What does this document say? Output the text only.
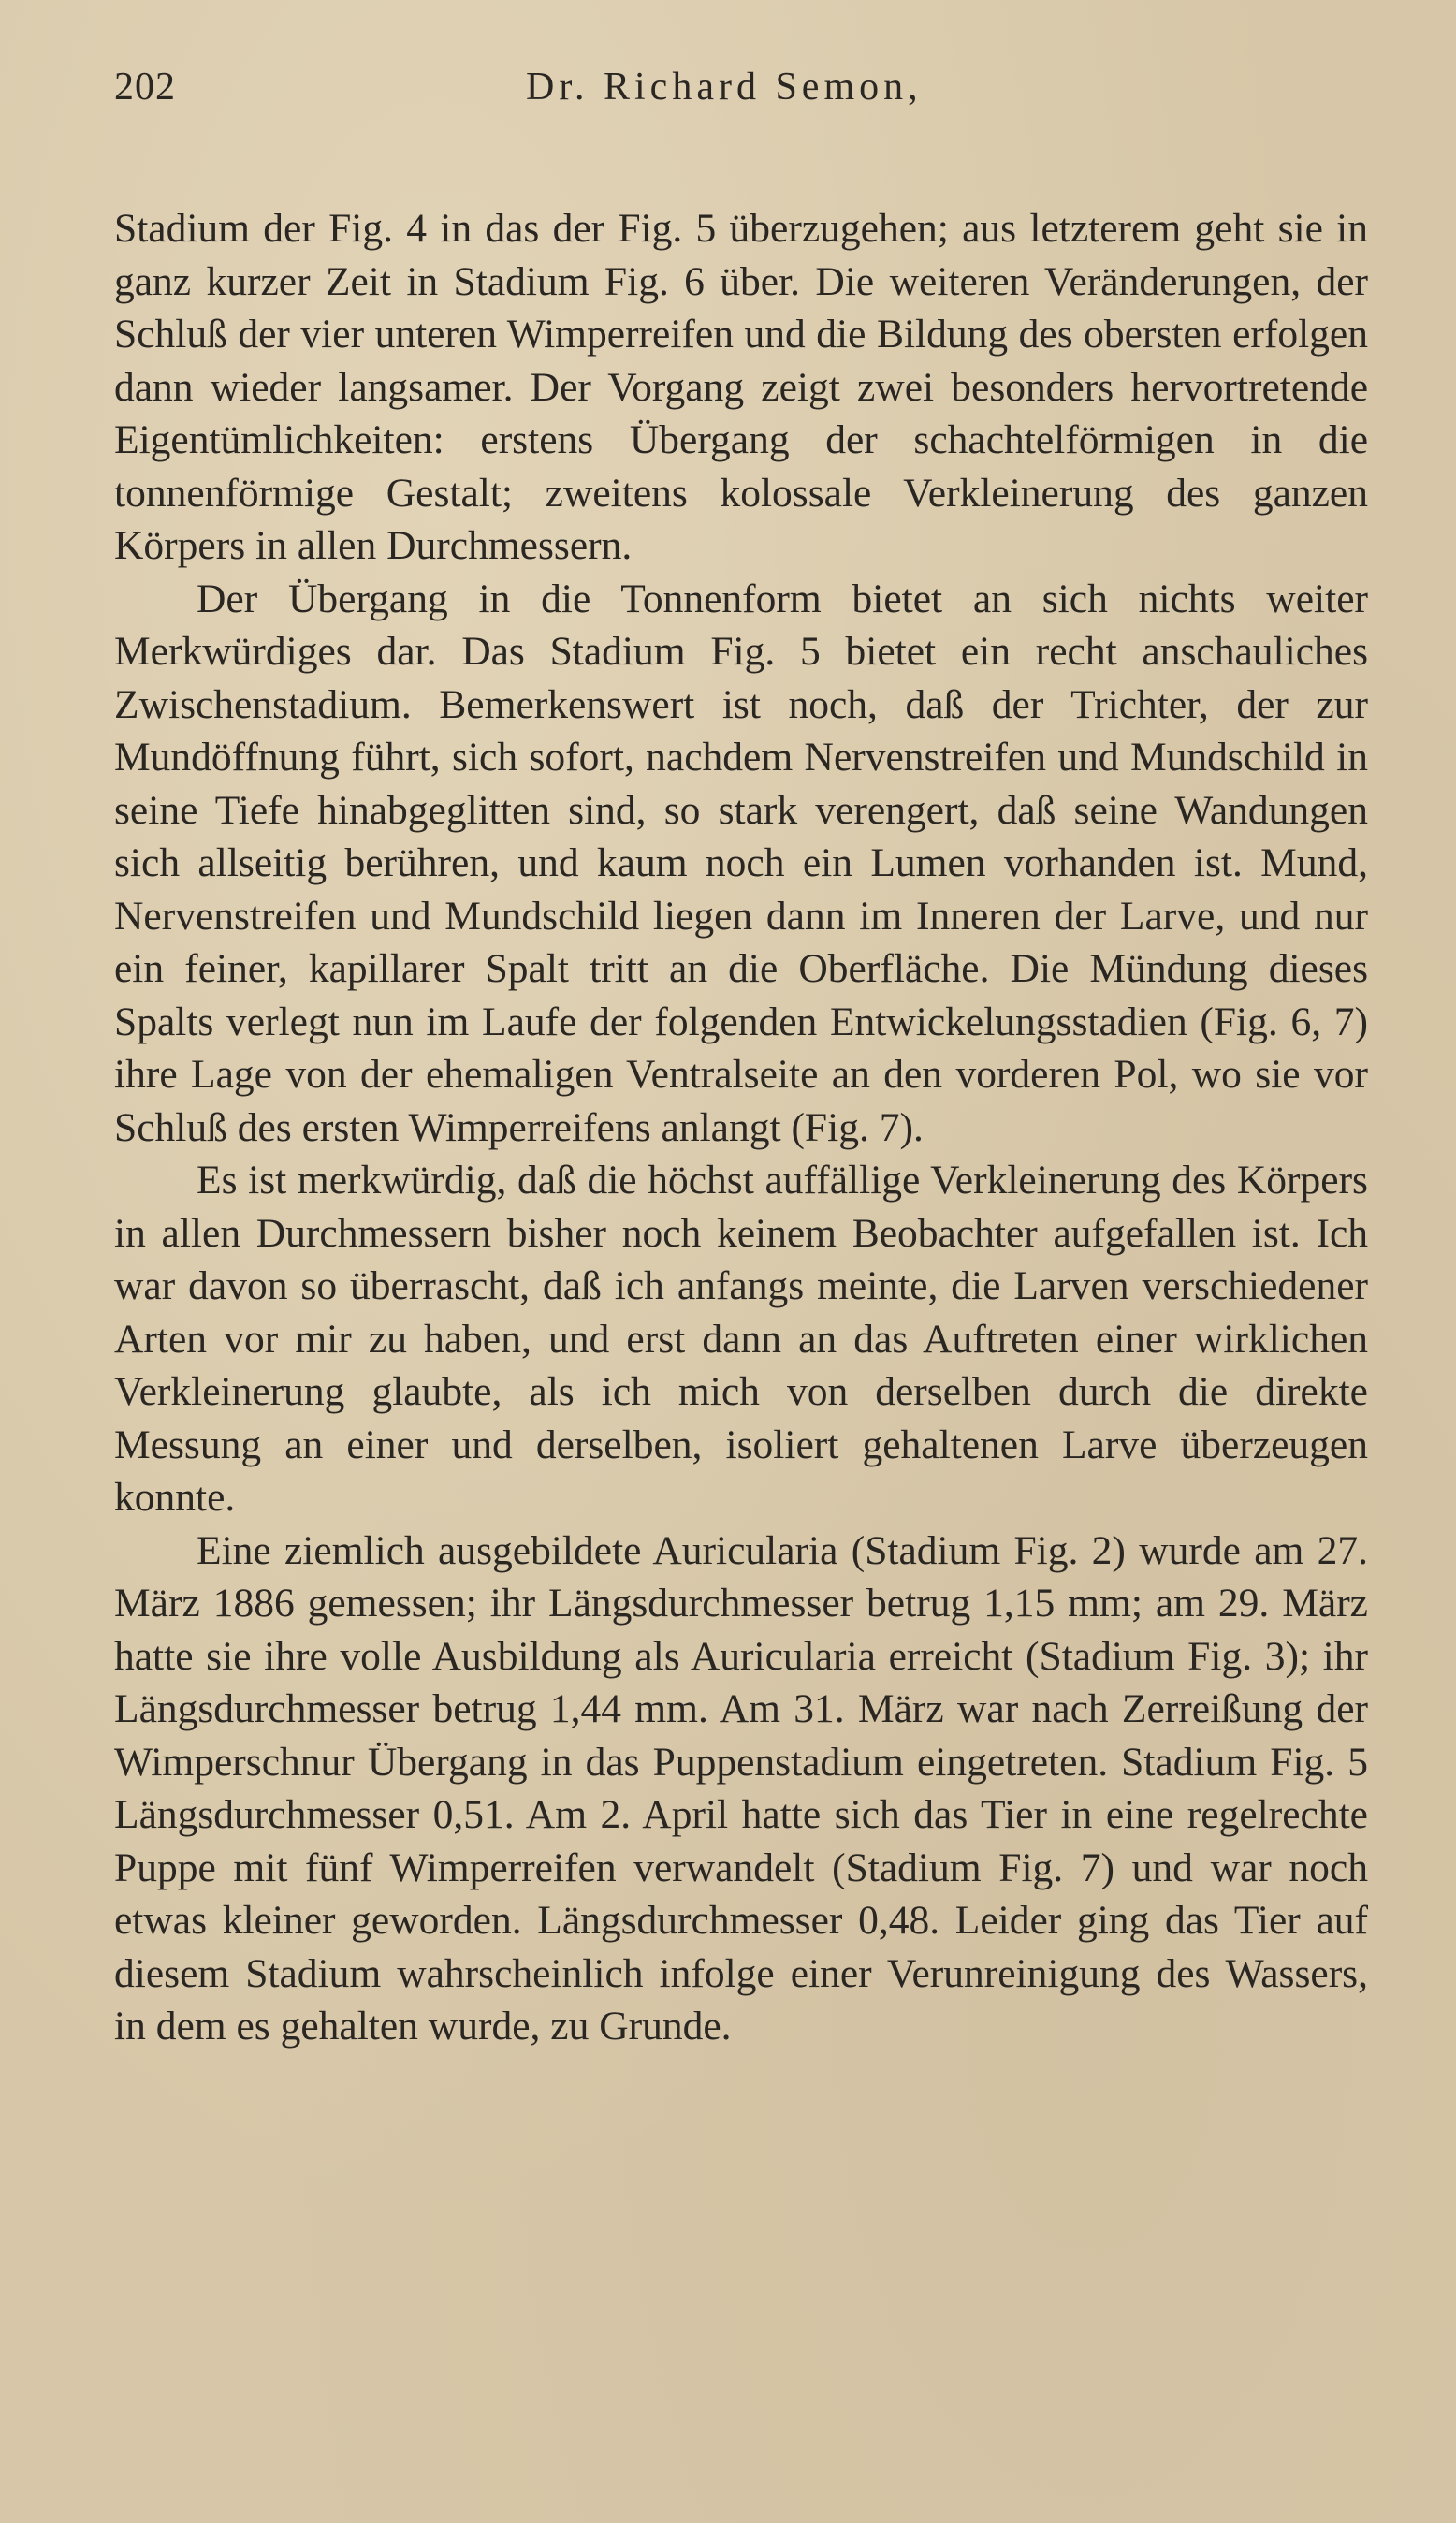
202	Dr. Richard Semon,

Stadium der Fig. 4 in das der Fig. 5 überzugehen; aus letzterem geht sie in ganz kurzer Zeit in Stadium Fig. 6 über. Die weiteren Veränderungen, der Schluß der vier unteren Wimperreifen und die Bildung des obersten erfolgen dann wieder langsamer. Der Vorgang zeigt zwei besonders hervortretende Eigentümlichkeiten: erstens Übergang der schachtelförmigen in die tonnenförmige Gestalt; zweitens kolossale Verkleinerung des ganzen Körpers in allen Durchmessern.

Der Übergang in die Tonnenform bietet an sich nichts weiter Merkwürdiges dar. Das Stadium Fig. 5 bietet ein recht anschauliches Zwischenstadium. Bemerkenswert ist noch, daß der Trichter, der zur Mundöffnung führt, sich sofort, nachdem Nervenstreifen und Mundschild in seine Tiefe hinabgeglitten sind, so stark verengert, daß seine Wandungen sich allseitig berühren, und kaum noch ein Lumen vorhanden ist. Mund, Nervenstreifen und Mundschild liegen dann im Inneren der Larve, und nur ein feiner, kapillarer Spalt tritt an die Oberfläche. Die Mündung dieses Spalts verlegt nun im Laufe der folgenden Entwickelungsstadien (Fig. 6, 7) ihre Lage von der ehemaligen Ventralseite an den vorderen Pol, wo sie vor Schluß des ersten Wimperreifens anlangt (Fig. 7).

Es ist merkwürdig, daß die höchst auffällige Verkleinerung des Körpers in allen Durchmessern bisher noch keinem Beobachter aufgefallen ist. Ich war davon so überrascht, daß ich anfangs meinte, die Larven verschiedener Arten vor mir zu haben, und erst dann an das Auftreten einer wirklichen Verkleinerung glaubte, als ich mich von derselben durch die direkte Messung an einer und derselben, isoliert gehaltenen Larve überzeugen konnte.

Eine ziemlich ausgebildete Auricularia (Stadium Fig. 2) wurde am 27. März 1886 gemessen; ihr Längsdurchmesser betrug 1,15 mm; am 29. März hatte sie ihre volle Ausbildung als Auricularia erreicht (Stadium Fig. 3); ihr Längsdurchmesser betrug 1,44 mm. Am 31. März war nach Zerreißung der Wimperschnur Übergang in das Puppenstadium eingetreten. Stadium Fig. 5 Längsdurchmesser 0,51. Am 2. April hatte sich das Tier in eine regelrechte Puppe mit fünf Wimperreifen verwandelt (Stadium Fig. 7) und war noch etwas kleiner geworden. Längsdurchmesser 0,48. Leider ging das Tier auf diesem Stadium wahrscheinlich infolge einer Verunreinigung des Wassers, in dem es gehalten wurde, zu Grunde.
